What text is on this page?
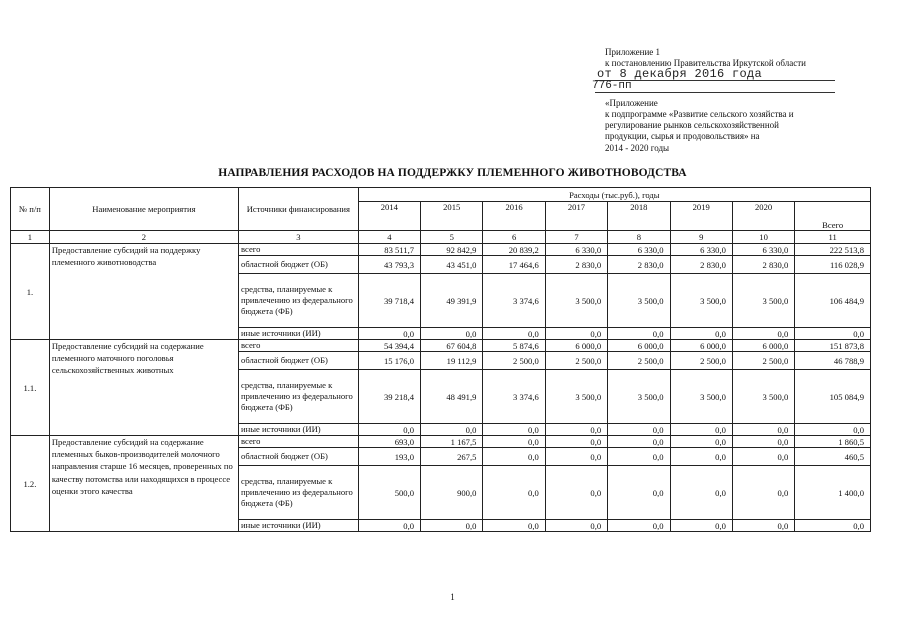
Приложение 1
к постановлению Правительства Иркутской области
от 8 декабря 2016 года
776-пп
«Приложение
к подпрограмме «Развитие сельского хозяйства и
регулирование рынков сельскохозяйственной
продукции, сырья и продовольствия» на
2014 - 2020 годы
НАПРАВЛЕНИЯ РАСХОДОВ НА ПОДДЕРЖКУ ПЛЕМЕННОГО ЖИВОТНОВОДСТВА
№ п/п	Наименование мероприятия	Источники финансирования	Расходы (тыс.руб.), годы							
			2014	2015	2016	2017	2018	2019	2020	Всего
1	2	3	4	5	6	7	8	9	10	11
1.	Предоставление субсидий на поддержку племенного животноводства	всего	83 511,7	92 842,9	20 839,2	6 330,0	6 330,0	6 330,0	6 330,0	222 513,8
		областной бюджет (ОБ)	43 793,3	43 451,0	17 464,6	2 830,0	2 830,0	2 830,0	2 830,0	116 028,9
		средства, планируемые к привлечению из федерального бюджета (ФБ)	39 718,4	49 391,9	3 374,6	3 500,0	3 500,0	3 500,0	3 500,0	106 484,9
		иные источники (ИИ)	0,0	0,0	0,0	0,0	0,0	0,0	0,0	0,0
1.1.	Предоставление субсидий на содержание племенного маточного поголовья сельскохозяйственных животных	всего	54 394,4	67 604,8	5 874,6	6 000,0	6 000,0	6 000,0	6 000,0	151 873,8
		областной бюджет (ОБ)	15 176,0	19 112,9	2 500,0	2 500,0	2 500,0	2 500,0	2 500,0	46 788,9
		средства, планируемые к привлечению из федерального бюджета (ФБ)	39 218,4	48 491,9	3 374,6	3 500,0	3 500,0	3 500,0	3 500,0	105 084,9
		иные источники (ИИ)	0,0	0,0	0,0	0,0	0,0	0,0	0,0	0,0
1.2.	Предоставление субсидий на содержание племенных быков-производителей молочного направления старше 16 месяцев, проверенных по качеству потомства или находящихся в процессе оценки этого качества	всего	693,0	1 167,5	0,0	0,0	0,0	0,0	0,0	1 860,5
		областной бюджет (ОБ)	193,0	267,5	0,0	0,0	0,0	0,0	0,0	460,5
		средства, планируемые к привлечению из федерального бюджета (ФБ)	500,0	900,0	0,0	0,0	0,0	0,0	0,0	1 400,0
		иные источники (ИИ)	0,0	0,0	0,0	0,0	0,0	0,0	0,0	0,0
1
